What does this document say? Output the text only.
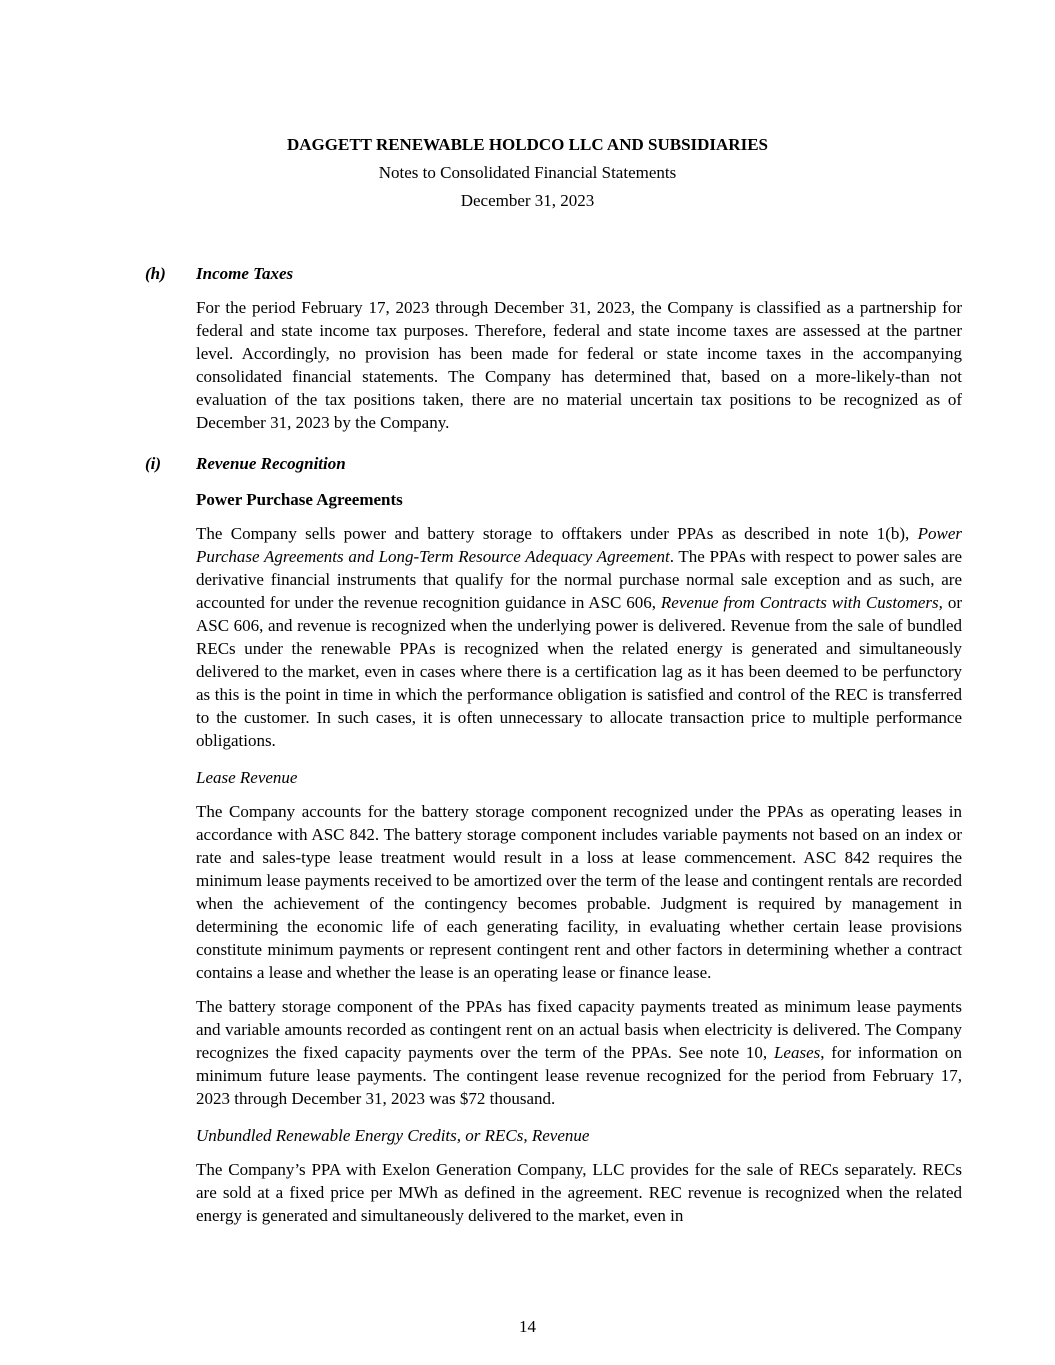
DAGGETT RENEWABLE HOLDCO LLC AND SUBSIDIARIES
Notes to Consolidated Financial Statements
December 31, 2023
(h)	Income Taxes

For the period February 17, 2023 through December 31, 2023, the Company is classified as a partnership for federal and state income tax purposes. Therefore, federal and state income taxes are assessed at the partner level. Accordingly, no provision has been made for federal or state income taxes in the accompanying consolidated financial statements. The Company has determined that, based on a more-likely-than not evaluation of the tax positions taken, there are no material uncertain tax positions to be recognized as of December 31, 2023 by the Company.

(i)	Revenue Recognition
Power Purchase Agreements

The Company sells power and battery storage to offtakers under PPAs as described in note 1(b), Power Purchase Agreements and Long-Term Resource Adequacy Agreement. The PPAs with respect to power sales are derivative financial instruments that qualify for the normal purchase normal sale exception and as such, are accounted for under the revenue recognition guidance in ASC 606, Revenue from Contracts with Customers, or ASC 606, and revenue is recognized when the underlying power is delivered. Revenue from the sale of bundled RECs under the renewable PPAs is recognized when the related energy is generated and simultaneously delivered to the market, even in cases where there is a certification lag as it has been deemed to be perfunctory as this is the point in time in which the performance obligation is satisfied and control of the REC is transferred to the customer. In such cases, it is often unnecessary to allocate transaction price to multiple performance obligations.

Lease Revenue

The Company accounts for the battery storage component recognized under the PPAs as operating leases in accordance with ASC 842. The battery storage component includes variable payments not based on an index or rate and sales-type lease treatment would result in a loss at lease commencement. ASC 842 requires the minimum lease payments received to be amortized over the term of the lease and contingent rentals are recorded when the achievement of the contingency becomes probable. Judgment is required by management in determining the economic life of each generating facility, in evaluating whether certain lease provisions constitute minimum payments or represent contingent rent and other factors in determining whether a contract contains a lease and whether the lease is an operating lease or finance lease.

The battery storage component of the PPAs has fixed capacity payments treated as minimum lease payments and variable amounts recorded as contingent rent on an actual basis when electricity is delivered. The Company recognizes the fixed capacity payments over the term of the PPAs. See note 10, Leases, for information on minimum future lease payments. The contingent lease revenue recognized for the period from February 17, 2023 through December 31, 2023 was $72 thousand.

Unbundled Renewable Energy Credits, or RECs, Revenue

The Company’s PPA with Exelon Generation Company, LLC provides for the sale of RECs separately. RECs are sold at a fixed price per MWh as defined in the agreement. REC revenue is recognized when the related energy is generated and simultaneously delivered to the market, even in

14
